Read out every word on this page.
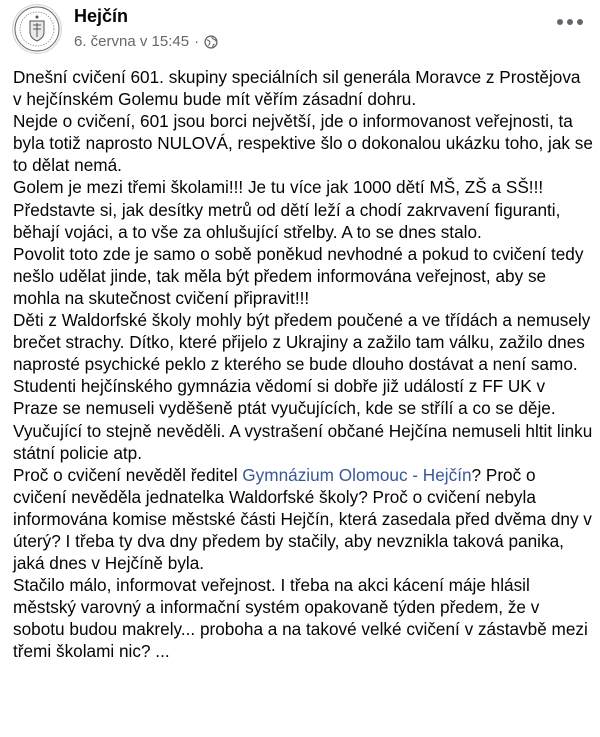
Hejčín
6. června v 15:45 ·

Dnešní cvičení 601. skupiny speciálních sil generála Moravce z Prostějova v hejčínském Golemu bude mít věřím zásadní dohru.

Nejde o cvičení, 601 jsou borci největší, jde o informovanost veřejnosti, ta byla totiž naprosto NULOVÁ, respektive šlo o dokonalou ukázku toho, jak se to dělat nemá.

Golem je mezi třemi školami!!! Je tu více jak 1000 dětí MŠ, ZŠ a SŠ!!! Představte si, jak desítky metrů od dětí leží a chodí zakrvavení figuranti, běhají vojáci, a to vše za ohlušující střelby. A to se dnes stalo.

Povolit toto zde je samo o sobě poněkud nevhodné a pokud to cvičení tedy nešlo udělat jinde, tak měla být předem informována veřejnost, aby se mohla na skutečnost cvičení připravit!!!

Děti z Waldorfské školy mohly být předem poučené a ve třídách a nemusely brečet strachy. Dítko, které přijelo z Ukrajiny a zažilo tam válku, zažilo dnes naprosté psychické peklo z kterého se bude dlouho dostávat a není samo. Studenti hejčínského gymnázia vědomí si dobře již událostí z FF UK v Praze se nemuseli vyděšeně ptát vyučujících, kde se střílí a co se děje. Vyučující to stejně nevěděli. A vystrašení občané Hejčína nemuseli hltit linku státní policie atp.

Proč o cvičení nevěděl ředitel Gymnázium Olomouc - Hejčín? Proč o cvičení nevěděla jednatelka Waldorfské školy? Proč o cvičení nebyla informována komise městské části Hejčín, která zasedala před dvěma dny v úterý? I třeba ty dva dny předem by stačily, aby nevznikla taková panika, jaká dnes v Hejčíně byla.

Stačilo málo, informovat veřejnost. I třeba na akci kácení máje hlásil městský varovný a informační systém opakovaně týden předem, že v sobotu budou makrely... proboha a na takové velké cvičení v zástavbě mezi třemi školami nic? ...
